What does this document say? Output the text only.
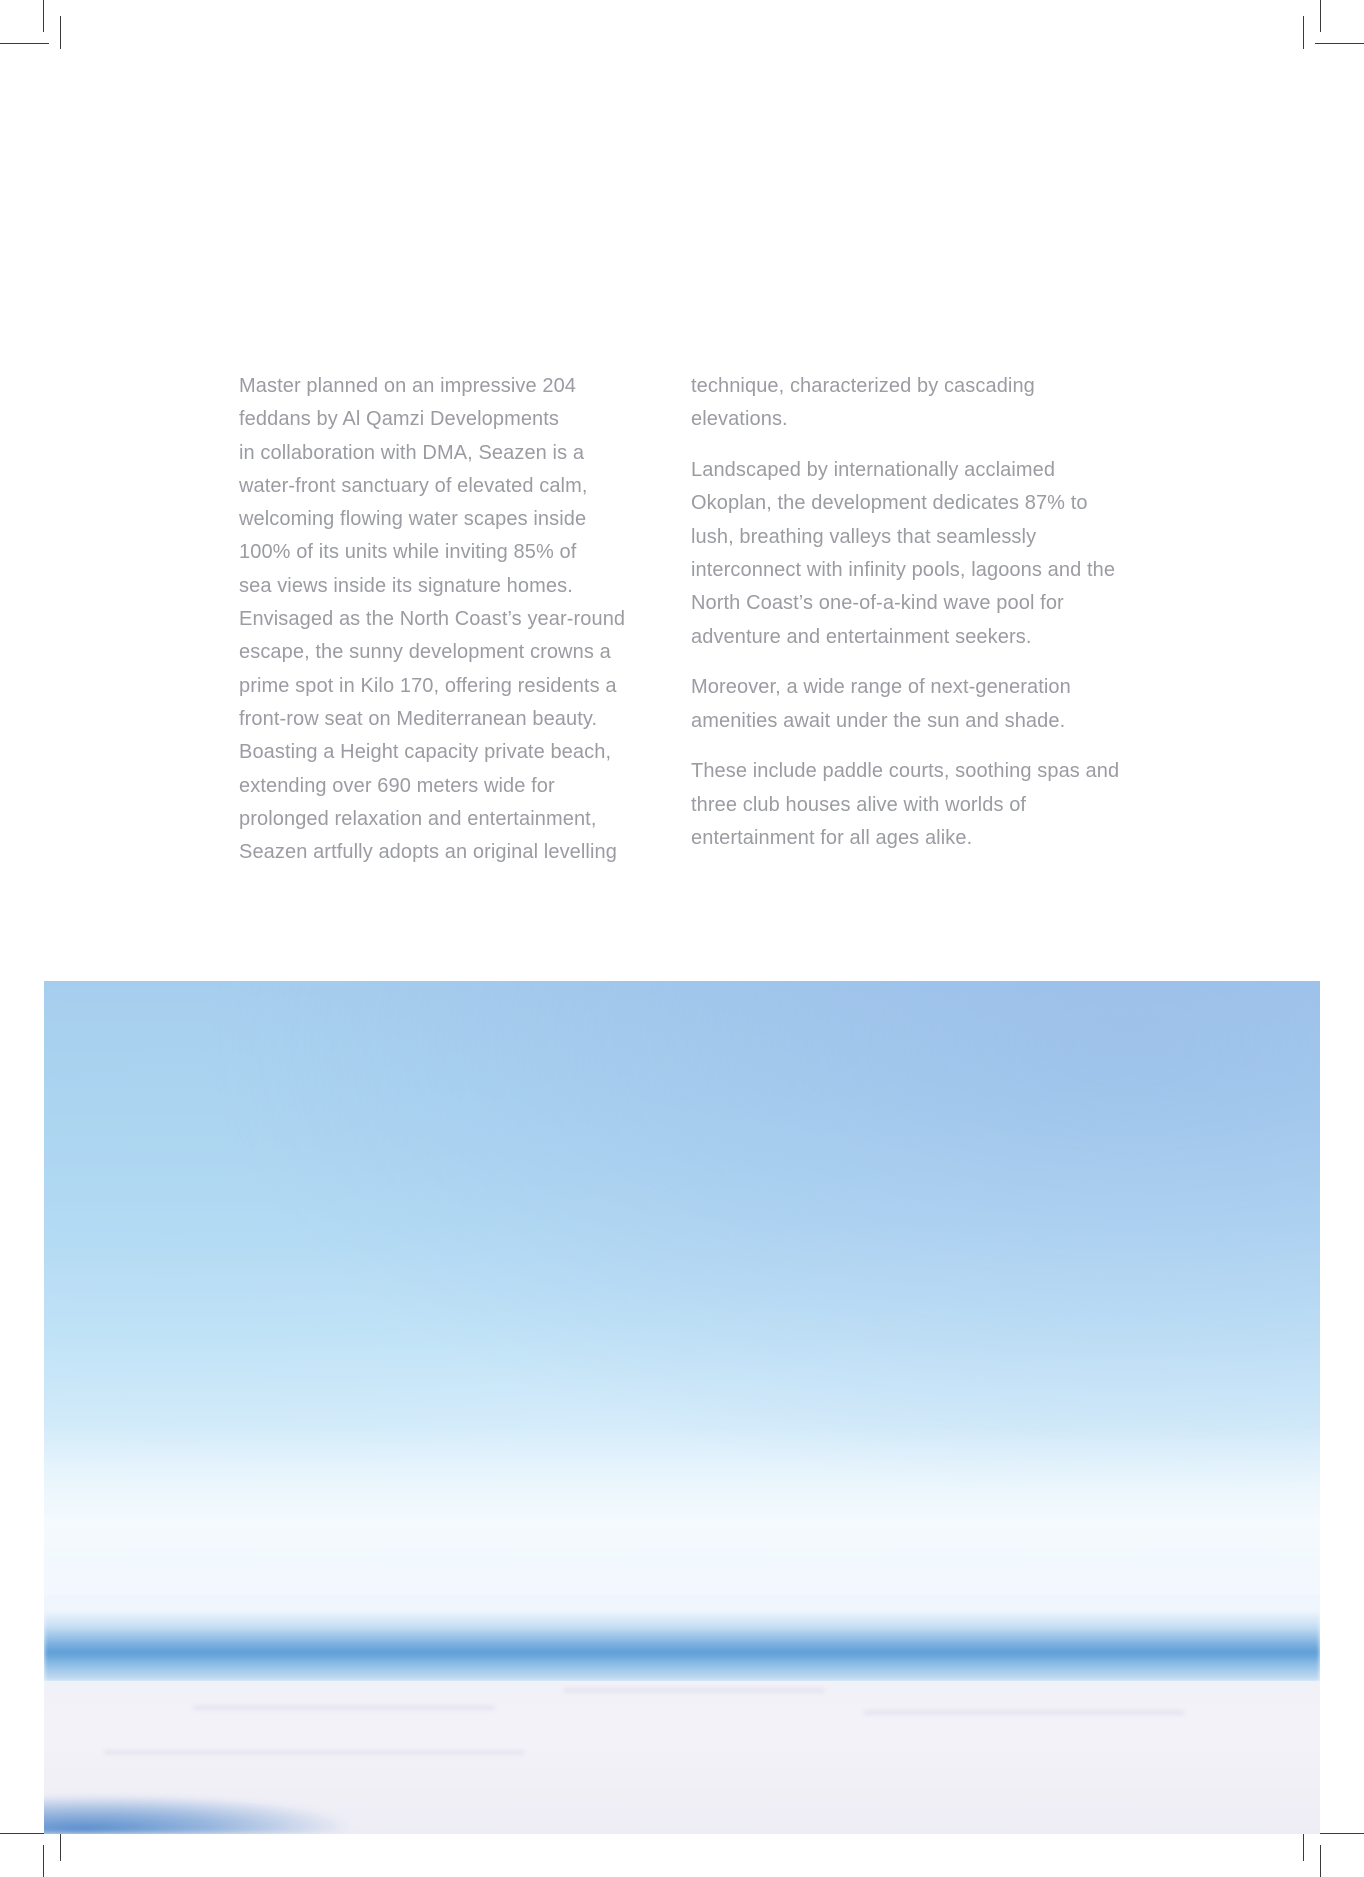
Master planned on an impressive 204

feddans by Al Qamzi Developments

in collaboration with DMA, Seazen is a

water-front sanctuary of elevated calm,

welcoming flowing water scapes inside

100% of its units while inviting 85% of

sea views inside its signature homes.

Envisaged as the North Coast’s year-round

escape, the sunny development crowns a

prime spot in Kilo 170, offering residents a

front-row seat on Mediterranean beauty.

Boasting a Height capacity private beach,

extending over 690 meters wide for

prolonged relaxation and entertainment,

Seazen artfully adopts an original levelling

technique, characterized by cascading elevations.

Landscaped by internationally acclaimed Okoplan, the development dedicates 87% to lush, breathing valleys that seamlessly interconnect with infinity pools, lagoons and the North Coast’s one-of-a-kind wave pool for adventure and entertainment seekers.

Moreover, a wide range of next-generation amenities await under the sun and shade.

These include paddle courts, soothing spas and three club houses alive with worlds of entertainment for all ages alike.
